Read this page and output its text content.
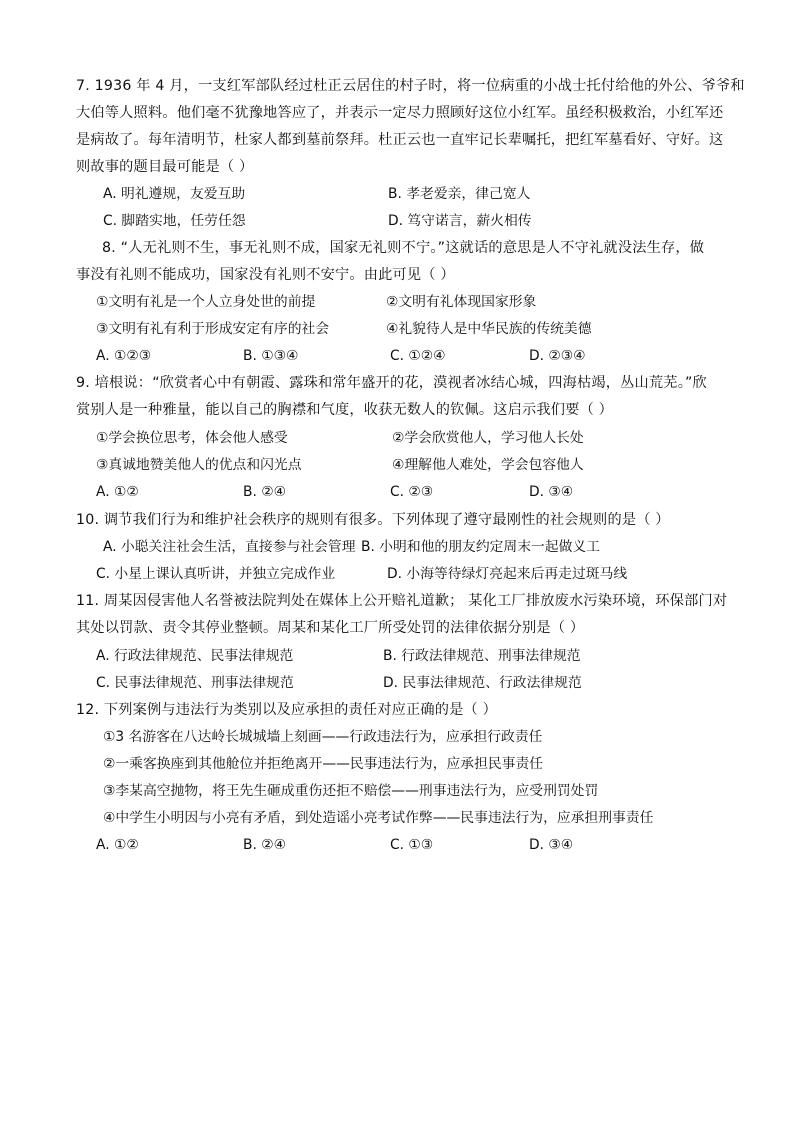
7. 1936 年 4 月，一支红军部队经过杜正云居住的村子时，将一位病重的小战士托付给他的外公、爷爷和
大伯等人照料。他们毫不犹豫地答应了，并表示一定尽力照顾好这位小红军。虽经积极救治，小红军还
是病故了。每年清明节，杜家人都到墓前祭拜。杜正云也一直牢记长辈嘱托，把红军墓看好、守好。这
则故事的题目最可能是（ ）
A. 明礼遵规，友爱互助	B. 孝老爱亲，律己宽人
C. 脚踏实地，任劳任怨	D. 笃守诺言，薪火相传
8. “人无礼则不生，事无礼则不成，国家无礼则不宁。”这就话的意思是人不守礼就没法生存，做
事没有礼则不能成功，国家没有礼则不安宁。由此可见（ ）
①文明有礼是一个人立身处世的前提	②文明有礼体现国家形象
③文明有礼有利于形成安定有序的社会	④礼貌待人是中华民族的传统美德
A. ①②③	B. ①③④	C. ①②④	D. ②③④
9. 培根说：“欣赏者心中有朝霞、露珠和常年盛开的花，漠视者冰结心城，四海枯竭，丛山荒芜。”欣
赏别人是一种雅量，能以自己的胸襟和气度，收获无数人的钦佩。这启示我们要（ ）
①学会换位思考，体会他人感受	②学会欣赏他人，学习他人长处
③真诚地赞美他人的优点和闪光点	④理解他人难处，学会包容他人
A. ①②	B. ②④	C. ②③	D. ③④
10. 调节我们行为和维护社会秩序的规则有很多。下列体现了遵守最刚性的社会规则的是（ ）
A. 小聪关注社会生活，直接参与社会管理 B. 小明和他的朋友约定周末一起做义工
C. 小星上课认真听讲，并独立完成作业	D. 小海等待绿灯亮起来后再走过斑马线
11. 周某因侵害他人名誉被法院判处在媒体上公开赔礼道歉； 某化工厂排放废水污染环境，环保部门对
其处以罚款、责令其停业整顿。周某和某化工厂所受处罚的法律依据分别是（ ）
A. 行政法律规范、民事法律规范	B. 行政法律规范、刑事法律规范
C. 民事法律规范、刑事法律规范	D. 民事法律规范、行政法律规范
12. 下列案例与违法行为类别以及应承担的责任对应正确的是（ ）
①3 名游客在八达岭长城城墙上刻画——行政违法行为，应承担行政责任
②一乘客换座到其他舱位并拒绝离开——民事违法行为，应承担民事责任
③李某高空抛物，将王先生砸成重伤还拒不赔偿——刑事违法行为，应受刑罚处罚
④中学生小明因与小亮有矛盾，到处造谣小亮考试作弊——民事违法行为，应承担刑事责任
A. ①②	B. ②④	C. ①③	D. ③④
